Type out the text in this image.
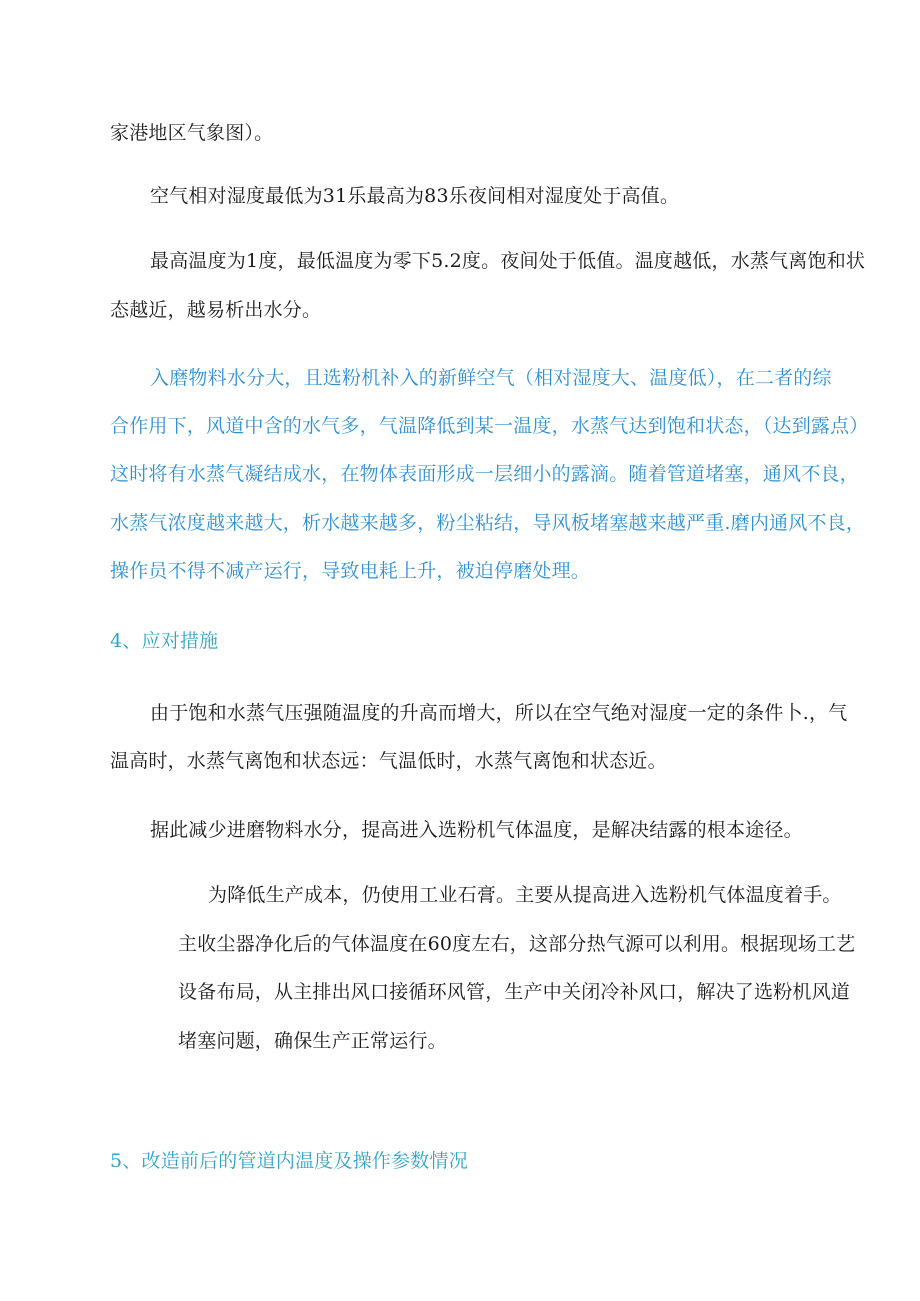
家港地区气象图）。
空气相对湿度最低为31乐最高为83乐夜间相对湿度处于高值。
最高温度为1度，最低温度为零下5.2度。夜间处于低值。温度越低，水蒸气离饱和状
态越近，越易析出水分。
入磨物料水分大，且选粉机补入的新鲜空气（相对湿度大、温度低），在二者的综
合作用下，风道中含的水气多，气温降低到某一温度，水蒸气达到饱和状态，（达到露点）
这时将有水蒸气凝结成水，在物体表面形成一层细小的露滴。随着管道堵塞，通风不良，
水蒸气浓度越来越大，析水越来越多，粉尘粘结，导风板堵塞越来越严重.磨内通风不良，
操作员不得不减产运行，导致电耗上升，被迫停磨处理。
4、应对措施
由于饱和水蒸气压强随温度的升高而增大，所以在空气绝对湿度一定的条件卜.，气
温高时，水蒸气离饱和状态远：气温低时，水蒸气离饱和状态近。
据此减少进磨物料水分，提高进入选粉机气体温度，是解决结露的根本途径。
为降低生产成本，仍使用工业石膏。主要从提高进入选粉机气体温度着手。
主收尘器净化后的气体温度在60度左右，这部分热气源可以利用。根据现场工艺
设备布局，从主排出风口接循环风管，生产中关闭冷补风口，解决了选粉机风道
堵塞问题，确保生产正常运行。
5、改造前后的管道内温度及操作参数情况
